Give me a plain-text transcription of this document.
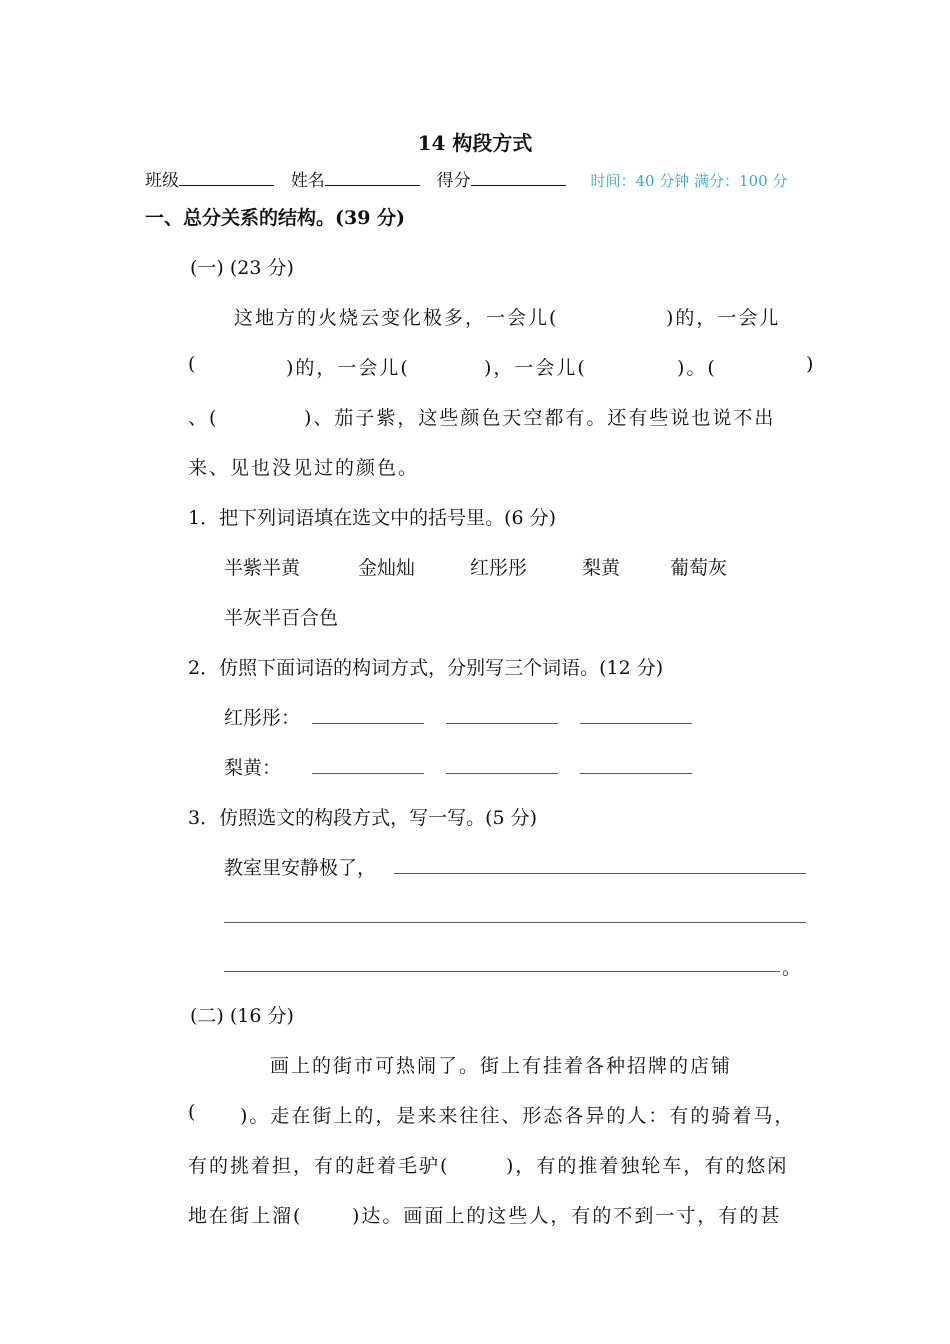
14 构段方式
班级	姓名	得分	时间：40 分钟 满分：100 分
一、总分关系的结构。(39 分)
(一) (23 分)
这地方的火烧云变化极多，一会儿(	)的，一会儿
(	)的，一会儿(	)，一会儿(	)。(	)
、(	)、茄子紫，这些颜色天空都有。还有些说也说不出
来、见也没见过的颜色。
1．把下列词语填在选文中的括号里。(6 分)
半紫半黄	金灿灿	红彤彤	梨黄	葡萄灰
半灰半百合色
2．仿照下面词语的构词方式，分别写三个词语。(12 分)
红彤彤：
梨黄：
3．仿照选文的构段方式，写一写。(5 分)
教室里安静极了，
。
(二) (16 分)
画上的街市可热闹了。街上有挂着各种招牌的店铺
( )。走在街上的，是来来往往、形态各异的人：有的骑着马，
有的挑着担，有的赶着毛驴(	)，有的推着独轮车，有的悠闲
地在街上溜(	)达。画面上的这些人，有的不到一寸，有的甚
